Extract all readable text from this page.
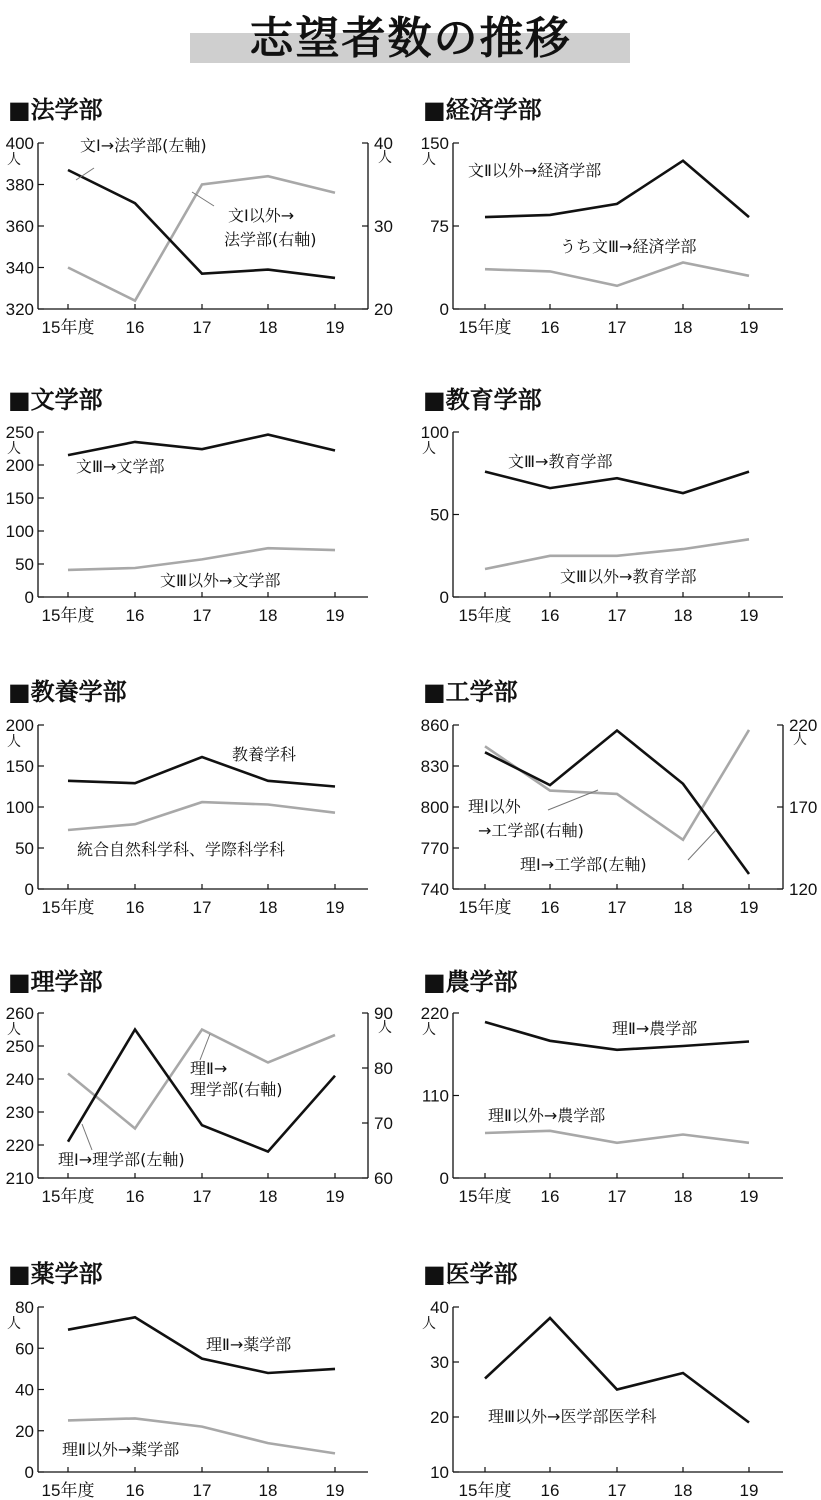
志望者数の推移
■法学部
400
380
360
340
320
人
40
30
20
人
15年度 16	17	18	19
文Ⅰ→法学部(左軸)
文Ⅰ以外→
法学部(右軸)
■経済学部
150
75
0
人
15年度 16	17	18	19
文Ⅱ以外→経済学部
うち文Ⅲ→経済学部
■文学部
250
200
150
100
50
0
人
15年度 16	17	18	19
文Ⅲ→文学部
文Ⅲ以外→文学部
■教育学部
100
50
0
人
15年度 16	17	18	19
文Ⅲ→教育学部
文Ⅲ以外→教育学部
■教養学部
200
150
100
50
0
人
15年度 16	17	18	19
教養学科
統合自然科学科、学際科学科
■工学部
860
830
800
770
740
220
170
120
人
15年度 16	17	18	19
理Ⅰ以外
→工学部(右軸)
理Ⅰ→工学部(左軸)
■理学部
260
250
240
230
220
210
人
90
80
70
60
人
15年度 16	17	18	19
理Ⅱ→
理学部(右軸)
理Ⅰ→理学部(左軸)
■農学部
220
110
0
人
15年度 16	17	18	19
理Ⅱ→農学部
理Ⅱ以外→農学部
■薬学部
80
60
40
20
0
人
15年度 16	17	18	19
理Ⅱ→薬学部
理Ⅱ以外→薬学部
■医学部
40
30
20
10
人
15年度 16	17	18	19
理Ⅲ以外→医学部医学科
